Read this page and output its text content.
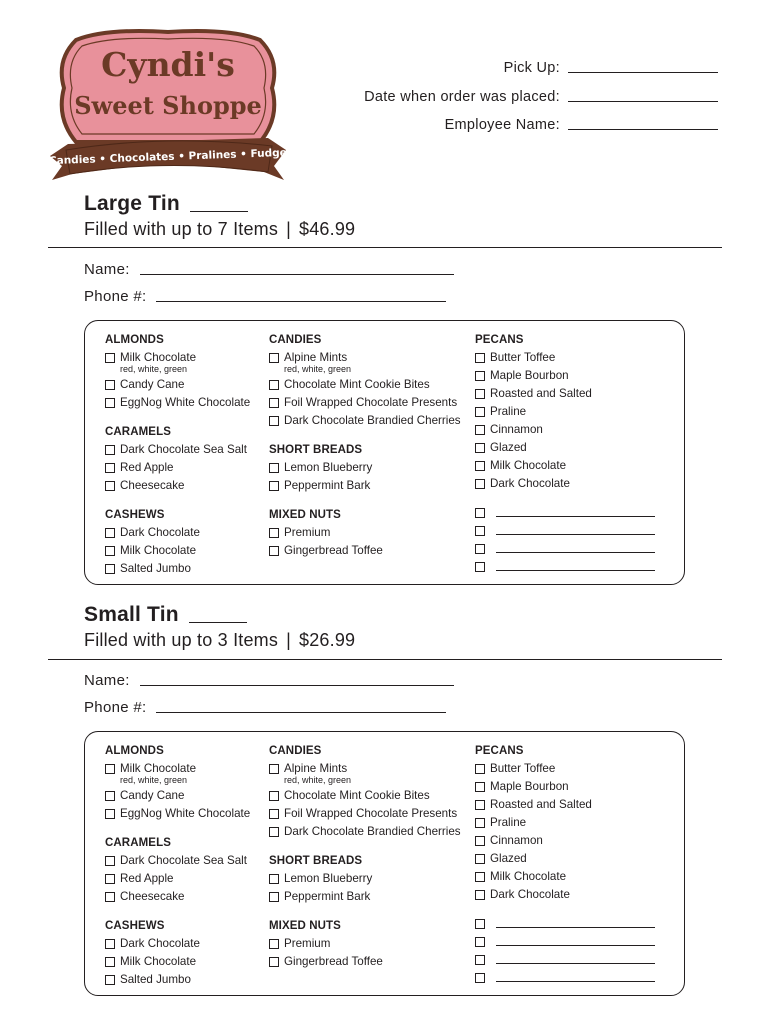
Cyndi's
Sweet Shoppe
Candies • Chocolates • Pralines • Fudge
Pick Up:
Date when order was placed:
Employee Name:
Large Tin
Filled with up to 7 Items | $46.99
Name:
Phone #:
ALMONDS
Milk Chocolate
red, white, green
Candy Cane
EggNog White Chocolate
CARAMELS
Dark Chocolate Sea Salt
Red Apple
Cheesecake
CASHEWS
Dark Chocolate
Milk Chocolate
Salted Jumbo
CANDIES
Alpine Mints
red, white, green
Chocolate Mint Cookie Bites
Foil Wrapped Chocolate Presents
Dark Chocolate Brandied Cherries
SHORT BREADS
Lemon Blueberry
Peppermint Bark
MIXED NUTS
Premium
Gingerbread Toffee
PECANS
Butter Toffee
Maple Bourbon
Roasted and Salted
Praline
Cinnamon
Glazed
Milk Chocolate
Dark Chocolate
Small Tin
Filled with up to 3 Items | $26.99
Name:
Phone #:
ALMONDS
Milk Chocolate
red, white, green
Candy Cane
EggNog White Chocolate
CARAMELS
Dark Chocolate Sea Salt
Red Apple
Cheesecake
CASHEWS
Dark Chocolate
Milk Chocolate
Salted Jumbo
CANDIES
Alpine Mints
red, white, green
Chocolate Mint Cookie Bites
Foil Wrapped Chocolate Presents
Dark Chocolate Brandied Cherries
SHORT BREADS
Lemon Blueberry
Peppermint Bark
MIXED NUTS
Premium
Gingerbread Toffee
PECANS
Butter Toffee
Maple Bourbon
Roasted and Salted
Praline
Cinnamon
Glazed
Milk Chocolate
Dark Chocolate
